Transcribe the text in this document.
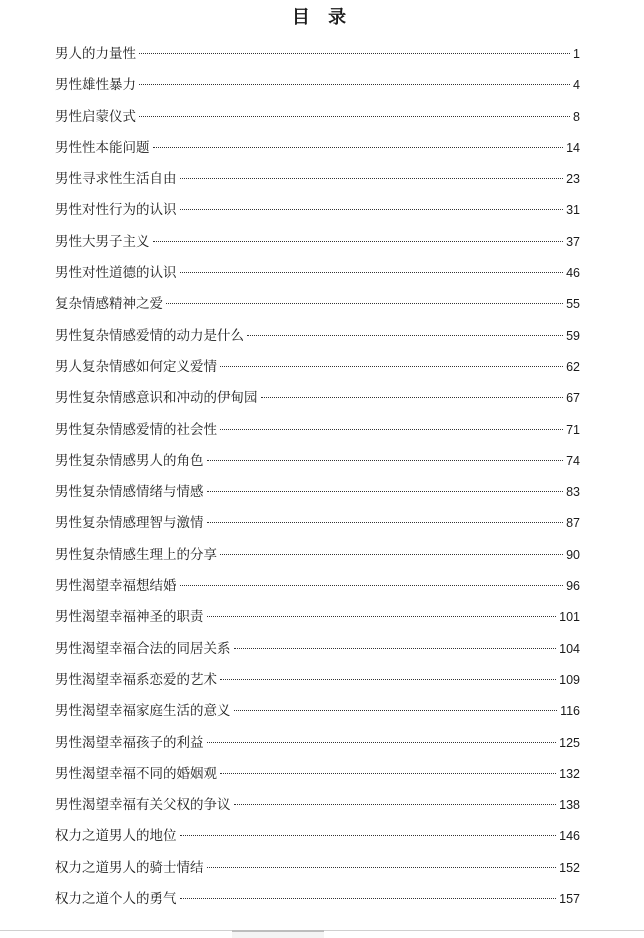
目 录
男人的力量性	1
男性雄性暴力	4
男性启蒙仪式	8
男性性本能问题	14
男性寻求性生活自由	23
男性对性行为的认识	31
男性大男子主义	37
男性对性道德的认识	46
复杂情感精神之爱	55
男性复杂情感爱情的动力是什么	59
男人复杂情感如何定义爱情	62
男性复杂情感意识和冲动的伊甸园	67
男性复杂情感爱情的社会性	71
男性复杂情感男人的角色	74
男性复杂情感情绪与情感	83
男性复杂情感理智与激情	87
男性复杂情感生理上的分享	90
男性渴望幸福想结婚	96
男性渴望幸福神圣的职责	101
男性渴望幸福合法的同居关系	104
男性渴望幸福系恋爱的艺术	109
男性渴望幸福家庭生活的意义	116
男性渴望幸福孩子的利益	125
男性渴望幸福不同的婚姻观	132
男性渴望幸福有关父权的争议	138
权力之道男人的地位	146
权力之道男人的骑士情结	152
权力之道个人的勇气	157
